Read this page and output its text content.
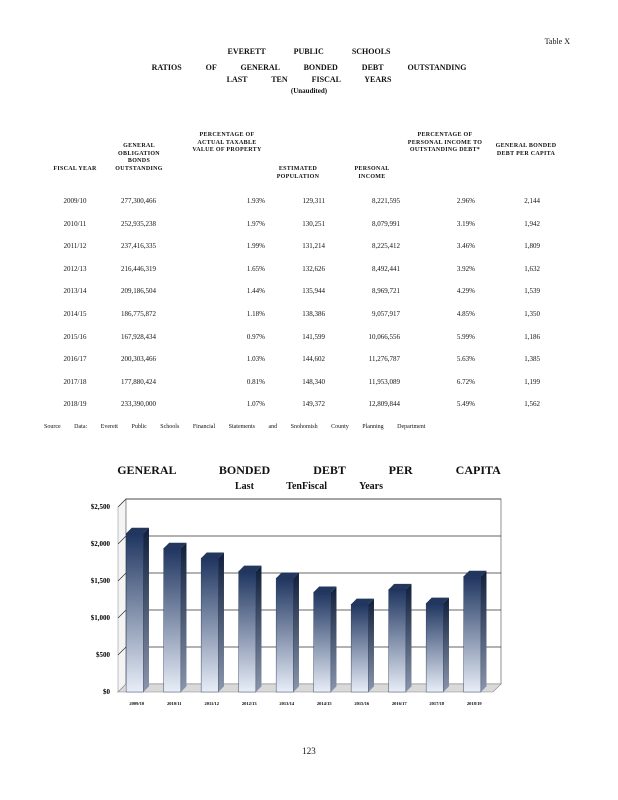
Table X
EVERETT PUBLIC SCHOOLS
RATIOS OF GENERAL BONDED DEBT OUTSTANDING
LAST TEN FISCAL YEARS
(Unaudited)
FISCAL YEAR
GENERAL OBLIGATION BONDS OUTSTANDING
PERCENTAGE OF ACTUAL TAXABLE VALUE OF PROPERTY
ESTIMATED POPULATION
PERSONAL INCOME
PERCENTAGE OF PERSONAL INCOME TO OUTSTANDING DEBT*
GENERAL BONDED DEBT PER CAPITA
2009/10	277,300,466	1.93%	129,311	8,221,595	2.96%	2,144
2010/11	252,935,238	1.97%	130,251	8,079,991	3.19%	1,942
2011/12	237,416,335	1.99%	131,214	8,225,412	3.46%	1,809
2012/13	216,446,319	1.65%	132,626	8,492,441	3.92%	1,632
2013/14	209,186,504	1.44%	135,944	8,969,721	4.29%	1,539
2014/15	186,775,872	1.18%	138,386	9,057,917	4.85%	1,350
2015/16	167,928,434	0.97%	141,599	10,066,556	5.99%	1,186
2016/17	200,303,466	1.03%	144,602	11,276,787	5.63%	1,385
2017/18	177,880,424	0.81%	148,340	11,953,089	6.72%	1,199
2018/19	233,390,000	1.07%	149,372	12,809,844	5.49%	1,562
Source Data: Everett Public Schools Financial Statements and Snohomish County Planning Department
GENERAL BONDED DEBT PER CAPITA
Last TenFiscal Years
$0
$500
$1,000
$1,500
$2,000
$2,500
2009/10	2010/11	2011/12	2012/13	2013/14	2014/15	2015/16	2016/17	2017/18	2018/19
123
